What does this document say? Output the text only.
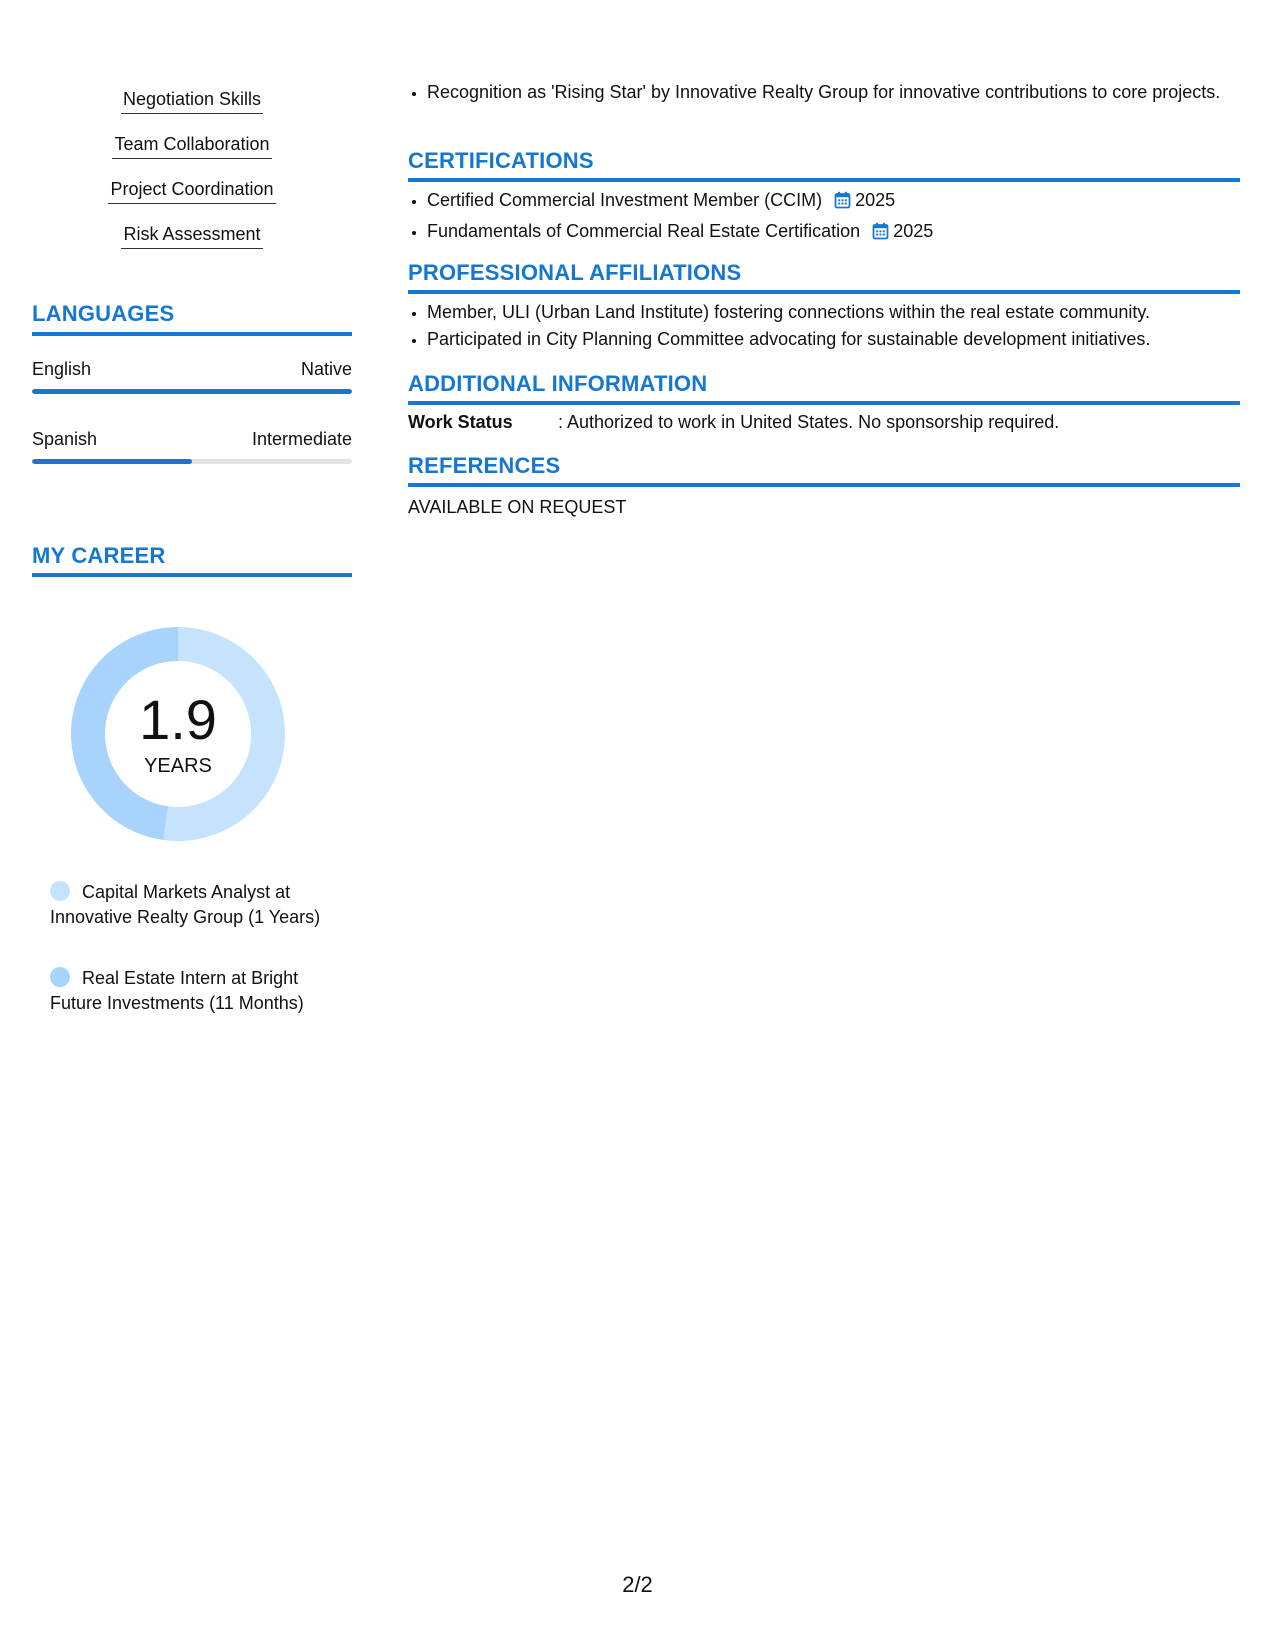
Negotiation Skills
Team Collaboration
Project Coordination
Risk Assessment
LANGUAGES
English	Native
Spanish	Intermediate
MY CAREER
1.9
YEARS
Capital Markets Analyst at Innovative Realty Group (1 Years)
Real Estate Intern at Bright Future Investments (11 Months)
• Recognition as 'Rising Star' by Innovative Realty Group for innovative contributions to core projects.
CERTIFICATIONS
• Certified Commercial Investment Member (CCIM) 2025
• Fundamentals of Commercial Real Estate Certification 2025
PROFESSIONAL AFFILIATIONS
• Member, ULI (Urban Land Institute) fostering connections within the real estate community.
• Participated in City Planning Committee advocating for sustainable development initiatives.
ADDITIONAL INFORMATION
Work Status	: Authorized to work in United States. No sponsorship required.
REFERENCES
AVAILABLE ON REQUEST
2/2
